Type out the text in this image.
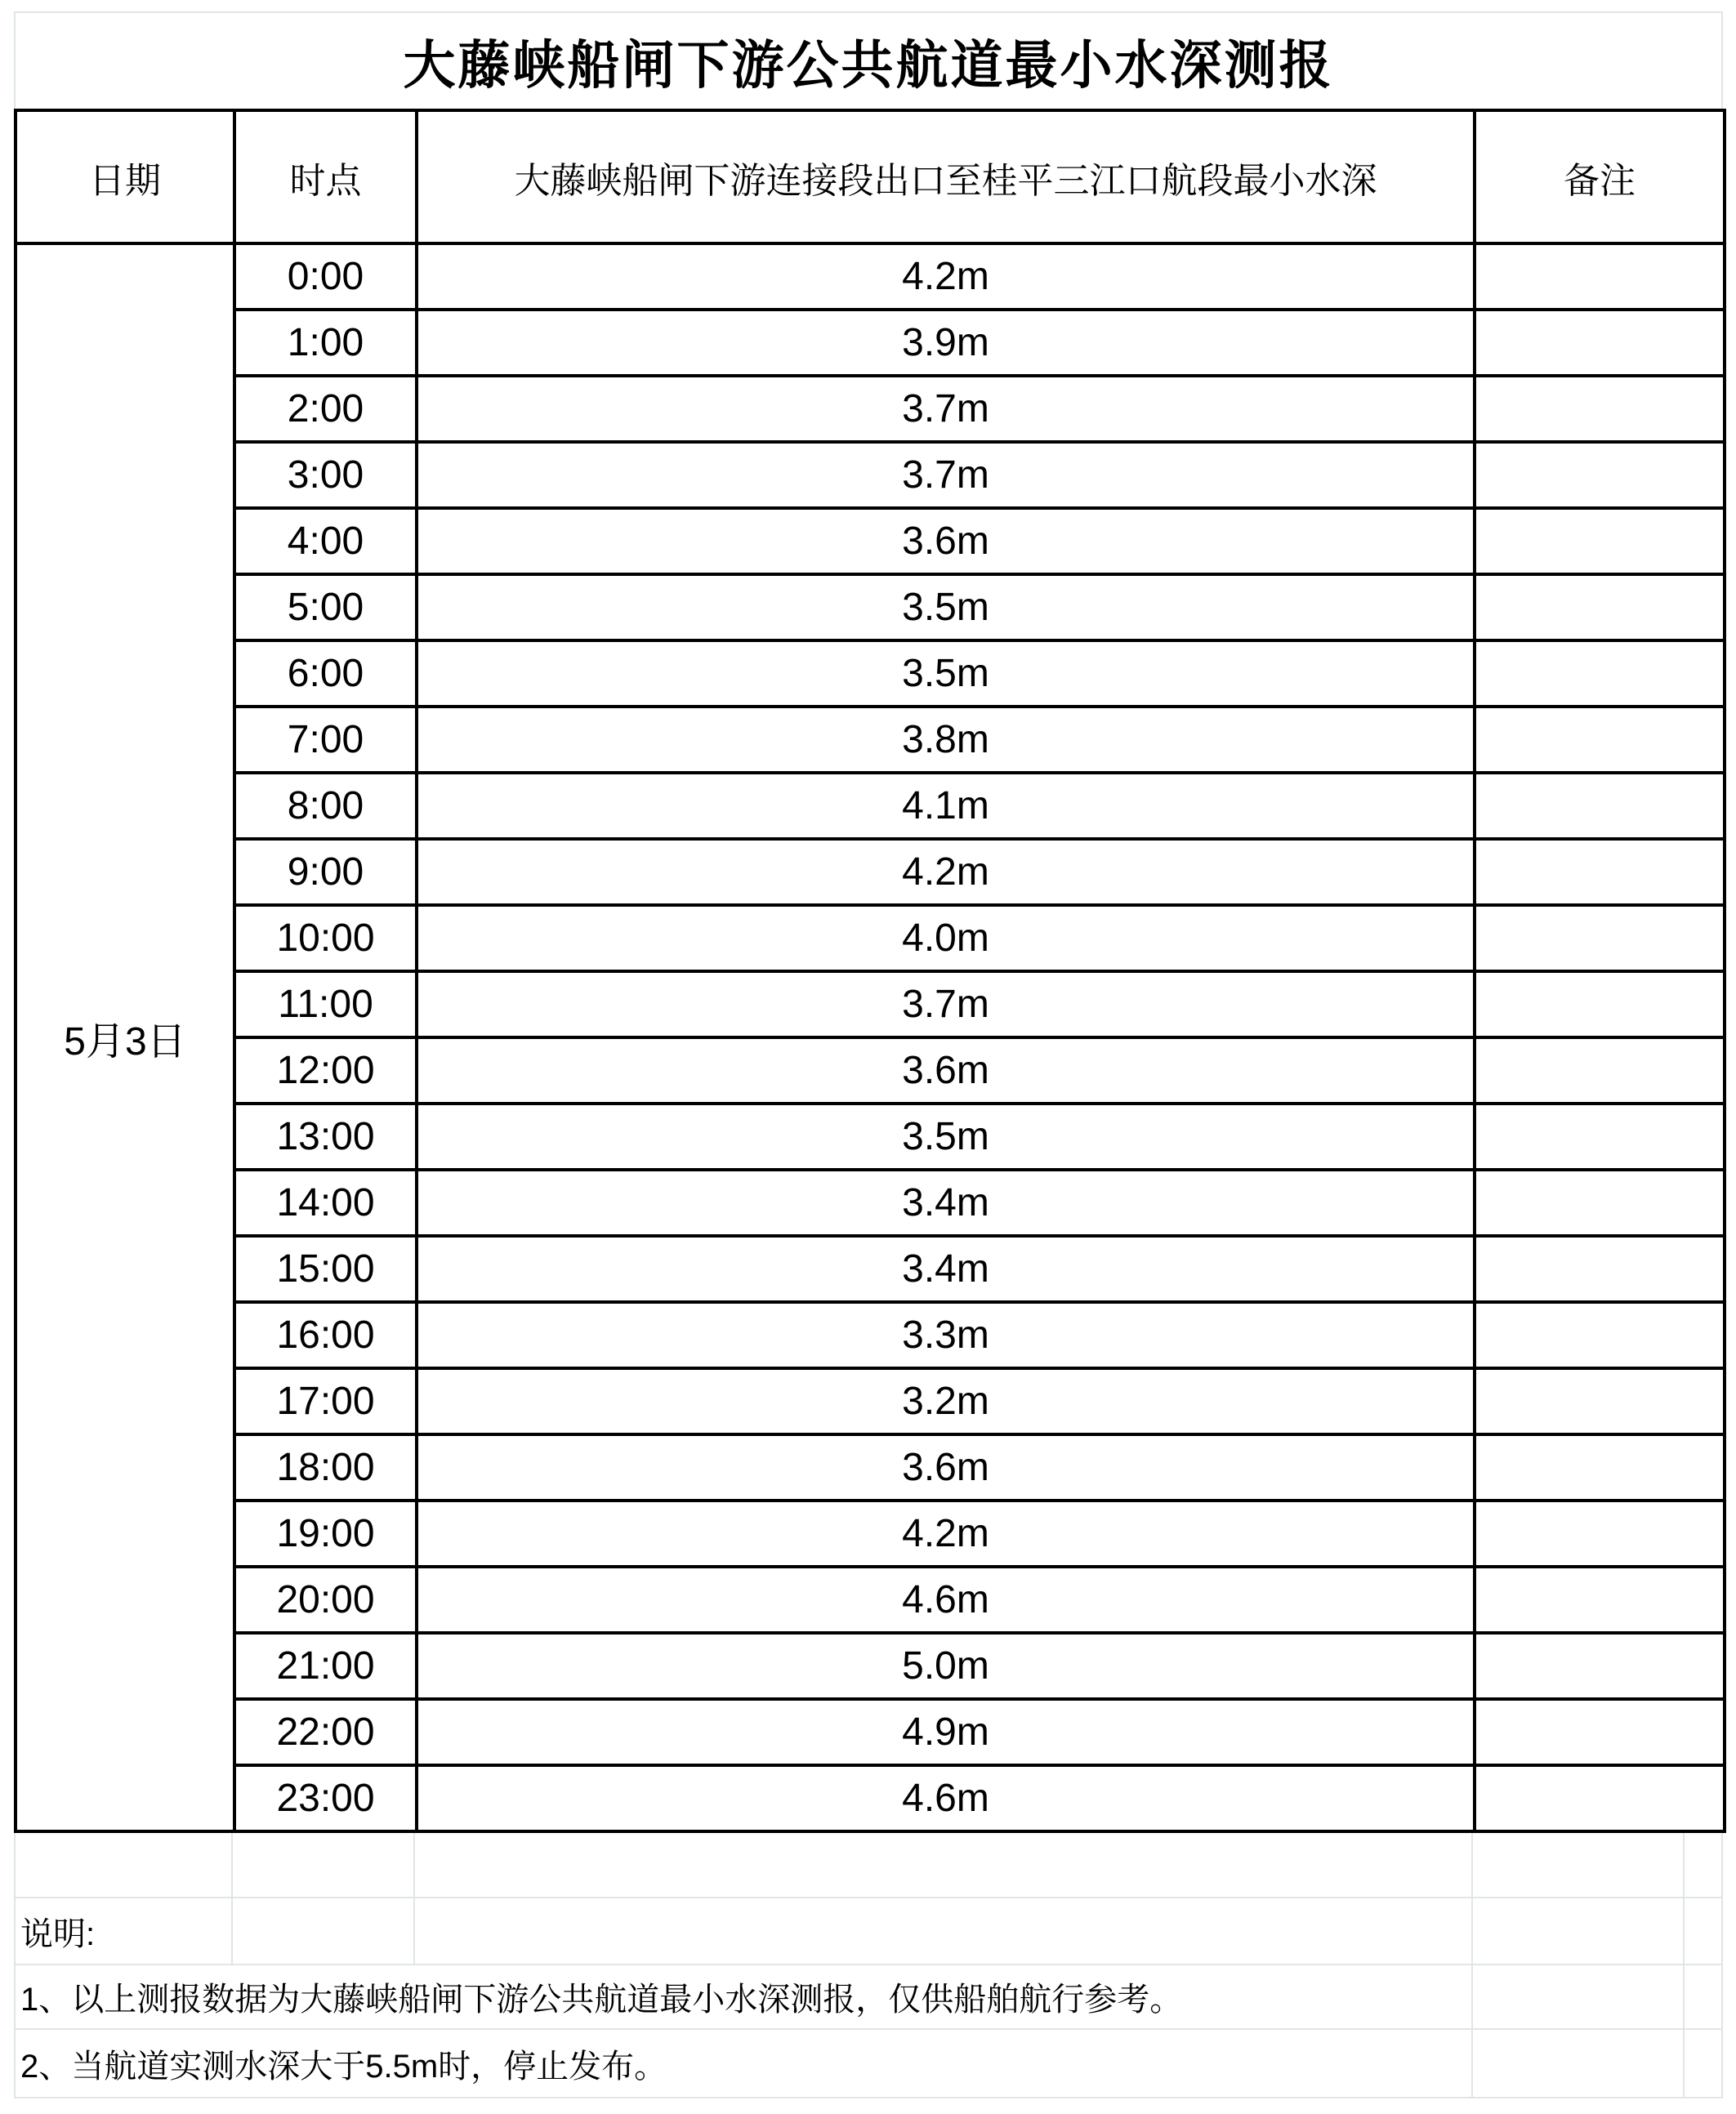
大藤峡船闸下游公共航道最小水深测报
日期	时点	大藤峡船闸下游连接段出口至桂平三江口航段最小水深	备注
5月3日	0:00	4.2m	
	1:00	3.9m	
	2:00	3.7m	
	3:00	3.7m	
	4:00	3.6m	
	5:00	3.5m	
	6:00	3.5m	
	7:00	3.8m	
	8:00	4.1m	
	9:00	4.2m	
	10:00	4.0m	
	11:00	3.7m	
	12:00	3.6m	
	13:00	3.5m	
	14:00	3.4m	
	15:00	3.4m	
	16:00	3.3m	
	17:00	3.2m	
	18:00	3.6m	
	19:00	4.2m	
	20:00	4.6m	
	21:00	5.0m	
	22:00	4.9m	
	23:00	4.6m	
说明:
1、以上测报数据为大藤峡船闸下游公共航道最小水深测报，仅供船舶航行参考。
2、当航道实测水深大于5.5m时，停止发布。
